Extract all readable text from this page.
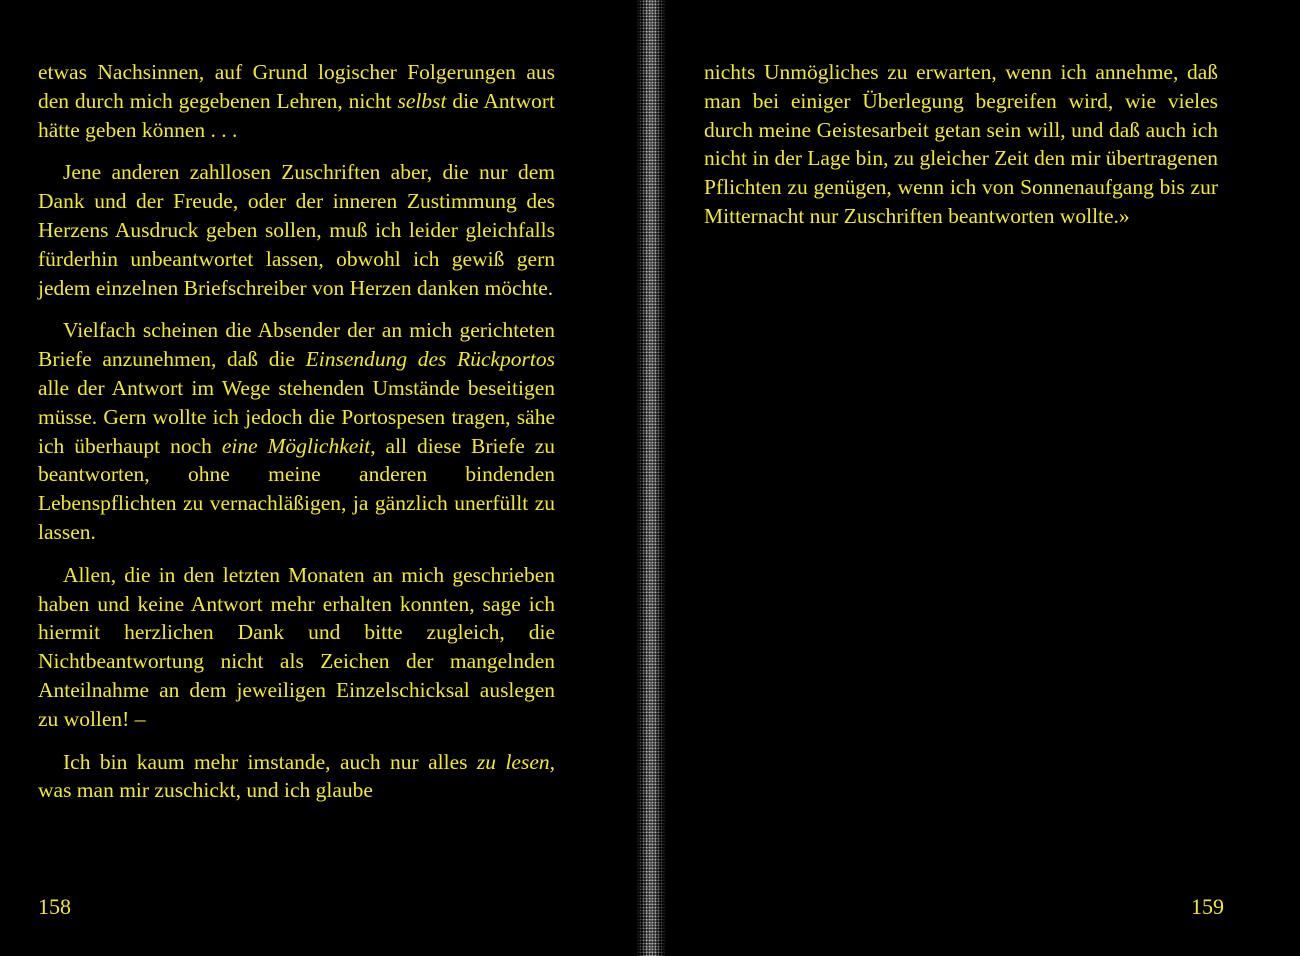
etwas Nachsinnen, auf Grund logischer Folgerungen aus den durch mich gegebenen Lehren, nicht selbst die Antwort hätte geben können . . .

Jene anderen zahllosen Zuschriften aber, die nur dem Dank und der Freude, oder der inneren Zustimmung des Herzens Ausdruck geben sollen, muß ich leider gleichfalls fürderhin unbeantwortet lassen, obwohl ich gewiß gern jedem einzelnen Briefschreiber von Herzen danken möchte.

Vielfach scheinen die Absender der an mich gerichteten Briefe anzunehmen, daß die Einsendung des Rückportos alle der Antwort im Wege stehenden Umstände beseitigen müsse. Gern wollte ich jedoch die Portospesen tragen, sähe ich überhaupt noch eine Möglichkeit, all diese Briefe zu beantworten, ohne meine anderen bindenden Lebenspflichten zu vernachläßigen, ja gänzlich unerfüllt zu lassen.

Allen, die in den letzten Monaten an mich geschrieben haben und keine Antwort mehr erhalten konnten, sage ich hiermit herzlichen Dank und bitte zugleich, die Nichtbeantwortung nicht als Zeichen der mangelnden Anteilnahme an dem jeweiligen Einzelschicksal auslegen zu wollen! –

Ich bin kaum mehr imstande, auch nur alles zu lesen, was man mir zuschickt, und ich glaube

158

nichts Unmögliches zu erwarten, wenn ich annehme, daß man bei einiger Überlegung begreifen wird, wie vieles durch meine Geistesarbeit getan sein will, und daß auch ich nicht in der Lage bin, zu gleicher Zeit den mir übertragenen Pflichten zu genügen, wenn ich von Sonnenaufgang bis zur Mitternacht nur Zuschriften beantworten wollte.»

159
